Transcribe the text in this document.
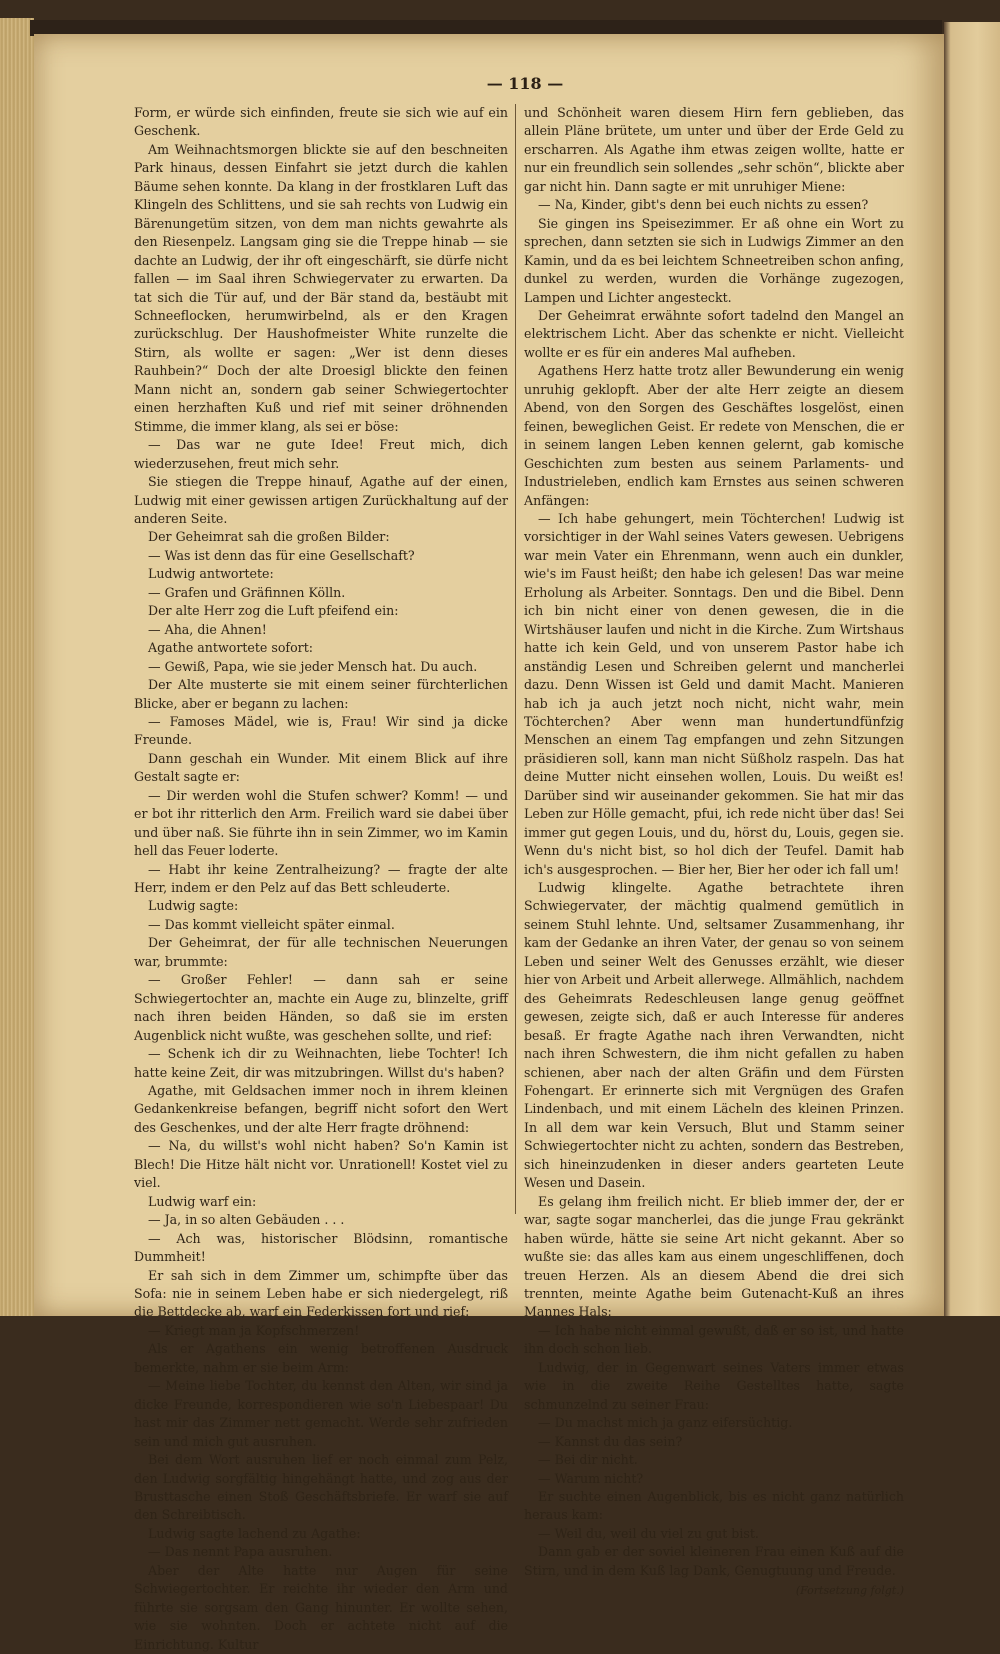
— 118 —

Form, er würde sich einfinden, freute sie sich wie auf ein Geschenk.

Am Weihnachtsmorgen blickte sie auf den beschneiten Park hinaus, dessen Einfahrt sie jetzt durch die kahlen Bäume sehen konnte. Da klang in der frostklaren Luft das Klingeln des Schlittens, und sie sah rechts von Ludwig ein Bärenungetüm sitzen, von dem man nichts gewahrte als den Riesenpelz. Langsam ging sie die Treppe hinab — sie dachte an Ludwig, der ihr oft eingeschärft, sie dürfe nicht fallen — im Saal ihren Schwiegervater zu erwarten. Da tat sich die Tür auf, und der Bär stand da, bestäubt mit Schneeflocken, herumwirbelnd, als er den Kragen zurückschlug. Der Haushofmeister White runzelte die Stirn, als wollte er sagen: „Wer ist denn dieses Rauhbein?“ Doch der alte Droesigl blickte den feinen Mann nicht an, sondern gab seiner Schwiegertochter einen herzhaften Kuß und rief mit seiner dröhnenden Stimme, die immer klang, als sei er böse:

— Das war ne gute Idee! Freut mich, dich wiederzusehen, freut mich sehr.

Sie stiegen die Treppe hinauf, Agathe auf der einen, Ludwig mit einer gewissen artigen Zurückhaltung auf der anderen Seite.

Der Geheimrat sah die großen Bilder:

— Was ist denn das für eine Gesellschaft?

Ludwig antwortete:

— Grafen und Gräfinnen Kölln.

Der alte Herr zog die Luft pfeifend ein:

— Aha, die Ahnen!

Agathe antwortete sofort:

— Gewiß, Papa, wie sie jeder Mensch hat. Du auch.

Der Alte musterte sie mit einem seiner fürchterlichen Blicke, aber er begann zu lachen:

— Famoses Mädel, wie is, Frau! Wir sind ja dicke Freunde.

Dann geschah ein Wunder. Mit einem Blick auf ihre Gestalt sagte er:

— Dir werden wohl die Stufen schwer? Komm! — und er bot ihr ritterlich den Arm. Freilich ward sie dabei über und über naß. Sie führte ihn in sein Zimmer, wo im Kamin hell das Feuer loderte.

— Habt ihr keine Zentralheizung? — fragte der alte Herr, indem er den Pelz auf das Bett schleuderte.

Ludwig sagte:

— Das kommt vielleicht später einmal.

Der Geheimrat, der für alle technischen Neuerungen war, brummte:

— Großer Fehler! — dann sah er seine Schwiegertochter an, machte ein Auge zu, blinzelte, griff nach ihren beiden Händen, so daß sie im ersten Augenblick nicht wußte, was geschehen sollte, und rief:

— Schenk ich dir zu Weihnachten, liebe Tochter! Ich hatte keine Zeit, dir was mitzubringen. Willst du's haben?

Agathe, mit Geldsachen immer noch in ihrem kleinen Gedankenkreise befangen, begriff nicht sofort den Wert des Geschenkes, und der alte Herr fragte dröhnend:

— Na, du willst's wohl nicht haben? So'n Kamin ist Blech! Die Hitze hält nicht vor. Unrationell! Kostet viel zu viel.

Ludwig warf ein:

— Ja, in so alten Gebäuden . . .

— Ach was, historischer Blödsinn, romantische Dummheit!

Er sah sich in dem Zimmer um, schimpfte über das Sofa: nie in seinem Leben habe er sich niedergelegt, riß die Bettdecke ab, warf ein Federkissen fort und rief:

— Kriegt man ja Kopfschmerzen!

Als er Agathens ein wenig betroffenen Ausdruck bemerkte, nahm er sie beim Arm:

— Meine liebe Tochter, du kennst den Alten, wir sind ja dicke Freunde, korrespondieren wie so'n Liebespaar! Du hast mir das Zimmer nett gemacht. Werde sehr zufrieden sein und mich gut ausruhen.

Bei dem Wort ausruhen lief er noch einmal zum Pelz, den Ludwig sorgfältig hingehängt hatte, und zog aus der Brusttasche einen Stoß Geschäftsbriefe. Er warf sie auf den Schreibtisch.

Ludwig sagte lachend zu Agathe:

— Das nennt Papa ausruhen.

Aber der Alte hatte nur Augen für seine Schwiegertochter. Er reichte ihr wieder den Arm und führte sie sorgsam den Gang hinunter. Er wollte sehen, wie sie wohnten. Doch er achtete nicht auf die Einrichtung. Kultur

und Schönheit waren diesem Hirn fern geblieben, das allein Pläne brütete, um unter und über der Erde Geld zu erscharren. Als Agathe ihm etwas zeigen wollte, hatte er nur ein freundlich sein sollendes „sehr schön“, blickte aber gar nicht hin. Dann sagte er mit unruhiger Miene:

— Na, Kinder, gibt's denn bei euch nichts zu essen?

Sie gingen ins Speisezimmer. Er aß ohne ein Wort zu sprechen, dann setzten sie sich in Ludwigs Zimmer an den Kamin, und da es bei leichtem Schneetreiben schon anfing, dunkel zu werden, wurden die Vorhänge zugezogen, Lampen und Lichter angesteckt.

Der Geheimrat erwähnte sofort tadelnd den Mangel an elektrischem Licht. Aber das schenkte er nicht. Vielleicht wollte er es für ein anderes Mal aufheben.

Agathens Herz hatte trotz aller Bewunderung ein wenig unruhig geklopft. Aber der alte Herr zeigte an diesem Abend, von den Sorgen des Geschäftes losgelöst, einen feinen, beweglichen Geist. Er redete von Menschen, die er in seinem langen Leben kennen gelernt, gab komische Geschichten zum besten aus seinem Parlaments- und Industrieleben, endlich kam Ernstes aus seinen schweren Anfängen:

— Ich habe gehungert, mein Töchterchen! Ludwig ist vorsichtiger in der Wahl seines Vaters gewesen. Uebrigens war mein Vater ein Ehrenmann, wenn auch ein dunkler, wie's im Faust heißt; den habe ich gelesen! Das war meine Erholung als Arbeiter. Sonntags. Den und die Bibel. Denn ich bin nicht einer von denen gewesen, die in die Wirtshäuser laufen und nicht in die Kirche. Zum Wirtshaus hatte ich kein Geld, und von unserem Pastor habe ich anständig Lesen und Schreiben gelernt und mancherlei dazu. Denn Wissen ist Geld und damit Macht. Manieren hab ich ja auch jetzt noch nicht, nicht wahr, mein Töchterchen? Aber wenn man hundertundfünfzig Menschen an einem Tag empfangen und zehn Sitzungen präsidieren soll, kann man nicht Süßholz raspeln. Das hat deine Mutter nicht einsehen wollen, Louis. Du weißt es! Darüber sind wir auseinander gekommen. Sie hat mir das Leben zur Hölle gemacht, pfui, ich rede nicht über das! Sei immer gut gegen Louis, und du, hörst du, Louis, gegen sie. Wenn du's nicht bist, so hol dich der Teufel. Damit hab ich's ausgesprochen. — Bier her, Bier her oder ich fall um!

Ludwig klingelte. Agathe betrachtete ihren Schwiegervater, der mächtig qualmend gemütlich in seinem Stuhl lehnte. Und, seltsamer Zusammenhang, ihr kam der Gedanke an ihren Vater, der genau so von seinem Leben und seiner Welt des Genusses erzählt, wie dieser hier von Arbeit und Arbeit allerwege. Allmählich, nachdem des Geheimrats Redeschleusen lange genug geöffnet gewesen, zeigte sich, daß er auch Interesse für anderes besaß. Er fragte Agathe nach ihren Verwandten, nicht nach ihren Schwestern, die ihm nicht gefallen zu haben schienen, aber nach der alten Gräfin und dem Fürsten Fohengart. Er erinnerte sich mit Vergnügen des Grafen Lindenbach, und mit einem Lächeln des kleinen Prinzen. In all dem war kein Versuch, Blut und Stamm seiner Schwiegertochter nicht zu achten, sondern das Bestreben, sich hineinzudenken in dieser anders gearteten Leute Wesen und Dasein.

Es gelang ihm freilich nicht. Er blieb immer der, der er war, sagte sogar mancherlei, das die junge Frau gekränkt haben würde, hätte sie seine Art nicht gekannt. Aber so wußte sie: das alles kam aus einem ungeschliffenen, doch treuen Herzen. Als an diesem Abend die drei sich trennten, meinte Agathe beim Gutenacht-Kuß an ihres Mannes Hals:

— Ich habe nicht einmal gewußt, daß er so ist, und hatte ihn doch schon lieb.

Ludwig, der in Gegenwart seines Vaters immer etwas wie in die zweite Reihe Gestelltes hatte, sagte schmunzelnd zu seiner Frau:

— Du machst mich ja ganz eifersüchtig.

— Kannst du das sein?

— Bei dir nicht.

— Warum nicht?

Er suchte einen Augenblick, bis es nicht ganz natürlich heraus kam:

— Weil du, weil du viel zu gut bist.

Dann gab er der soviel kleineren Frau einen Kuß auf die Stirn, und in dem Kuß lag Dank, Genugtuung und Freude.

(Fortsetzung folgt.)
